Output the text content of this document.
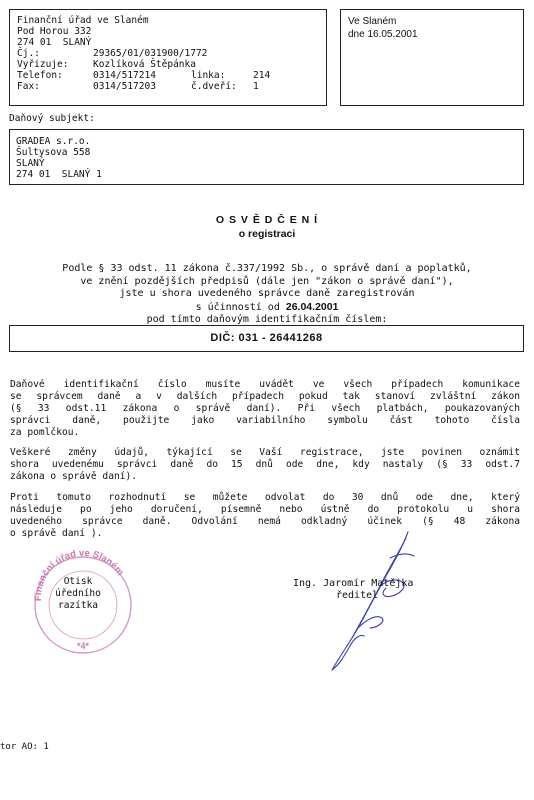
Finanční úřad ve Slaném
Pod Horou 332
274 01  SLANÝ
Čj.:	29365/01/031900/1772
Vyřizuje:	Kozlíková Štěpánka
Telefon:	0314/517214	linka:	214
Fax:	0314/517203	č.dveří:	1
Ve Slaném
dne 16.05.2001
Daňový subjekt:
GRADEA s.r.o.
Šultysova 558
SLANÝ
274 01  SLANÝ 1
O S V Ě D Č E N Í
o registraci
Podle § 33 odst. 11 zákona č.337/1992 Sb., o správě daní a poplatků,
ve znění pozdějších předpisů (dále jen "zákon o správě daní"),
jste u shora uvedeného správce daně zaregistrován
s účinností od 26.04.2001
pod tímto daňovým identifikačním číslem:
DIČ: 031 - 26441268
Daňové identifikační číslo musíte uvádět ve všech případech komunikace
se správcem daně a v dalších případech pokud tak stanoví zvláštní zákon
(§ 33 odst.11 zákona o správě daní). Při všech platbách, poukazovaných
správci daně, použijte jako variabilního symbolu část tohoto čísla
za pomlčkou.
Veškeré změny údajů, týkající se Vaší registrace, jste povinen oznámit
shora uvedenému správci daně do 15 dnů ode dne, kdy nastaly (§ 33 odst.7
zákona o správě daní).
Proti tomuto rozhodnutí se můžete odvolat do 30 dnů ode dne, který
následuje po jeho doručení, písemně nebo ústně do protokolu u shora
uvedeného správce daně. Odvolání nemá odkladný účinek (§ 48 zákona
o správě daní ).
Finanční úřad ve Slaném
*4*
Otisk
úředního
razítka
Ing. Jaromír Matějka
ředitel
tor AO: 1
